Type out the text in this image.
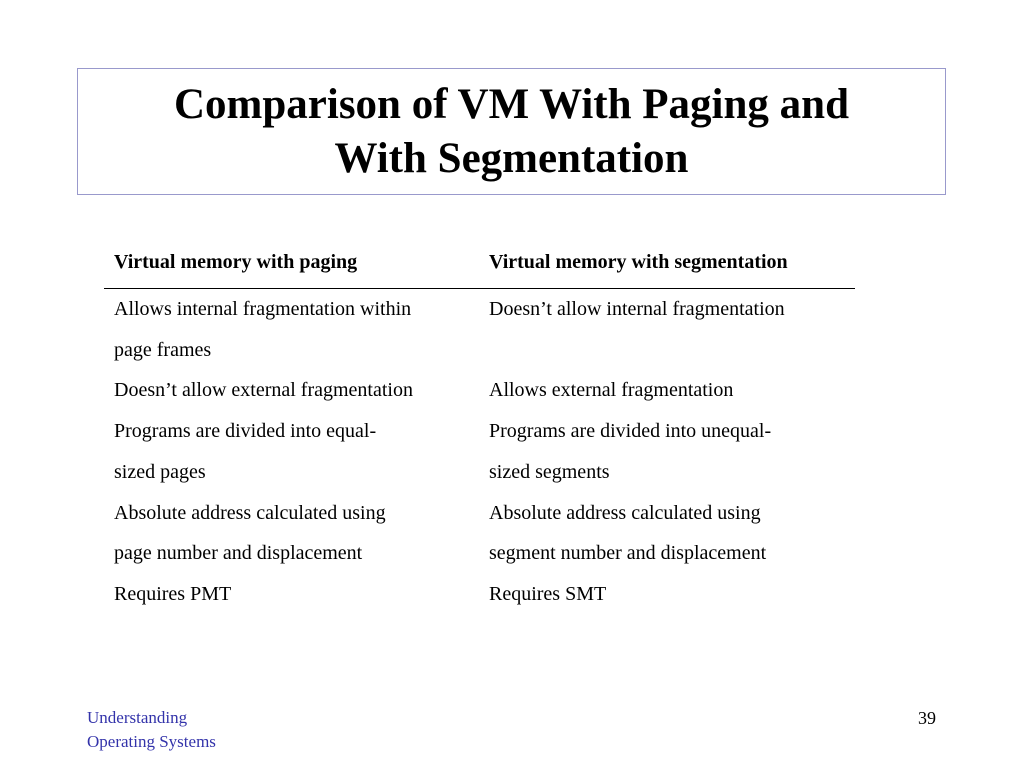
Comparison of VM With Paging and
With Segmentation
Virtual memory with paging	Virtual memory with segmentation
Allows internal fragmentation within	Doesn’t allow internal fragmentation
page frames
Doesn’t allow external fragmentation	Allows external fragmentation
Programs are divided into equal-	Programs are divided into unequal-
sized pages	sized segments
Absolute address calculated using	Absolute address calculated using
page number and displacement	segment number and displacement
Requires PMT	Requires SMT
Understanding
Operating Systems
39
